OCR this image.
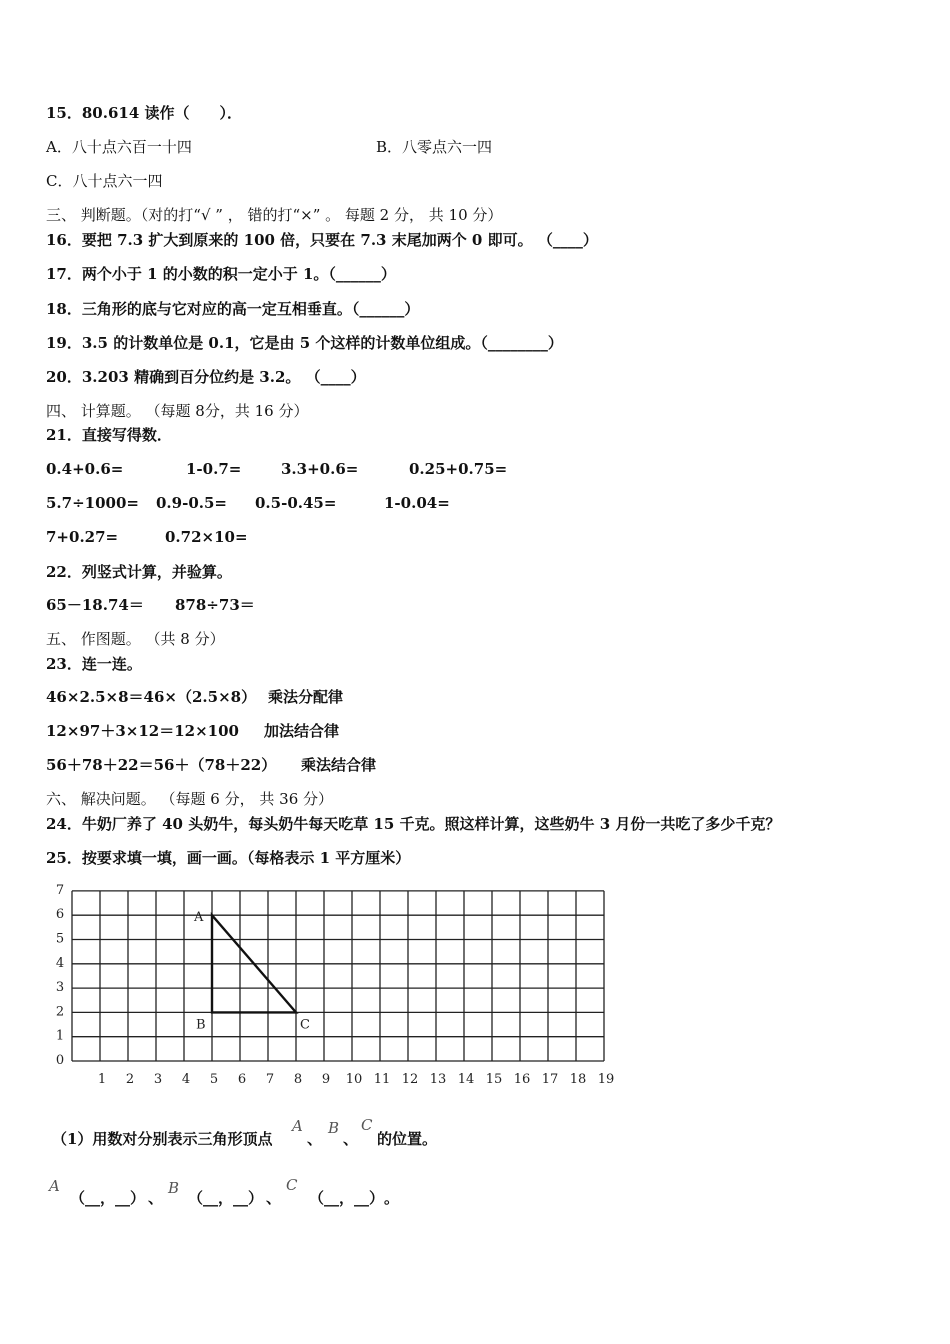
15．80.614 读作（　　）．
A．八十点六百一十四	B．八零点六一四
C．八十点六一四
三、 判断题。（对的打“√ ” ， 错的打“×” 。 每题 2 分， 共 10 分）
16．要把 7.3 扩大到原来的 100 倍，只要在 7.3 末尾加两个 0 即可。 （____）
17．两个小于 1 的小数的积一定小于 1。（______）
18．三角形的底与它对应的高一定互相垂直。（______）
19．3.5 的计数单位是 0.1，它是由 5 个这样的计数单位组成。（________）
20．3.203 精确到百分位约是 3.2。 （____）
四、 计算题。 （每题 8分，共 16 分）
21．直接写得数．
0.4+0.6=	1-0.7=	3.3+0.6=	0.25+0.75=
5.7÷1000= 0.9-0.5= 0.5-0.45=	1-0.04=
7+0.27=	0.72×10=
22．列竖式计算，并验算。
65－18.74＝ 878÷73＝
五、 作图题。 （共 8 分）
23．连一连。
46×2.5×8＝46×（2.5×8） 乘法分配律
12×97＋3×12＝12×100 加法结合律
56＋78＋22＝56＋（78＋22） 乘法结合律
六、 解决问题。 （每题 6 分， 共 36 分）
24．牛奶厂养了 40 头奶牛，每头奶牛每天吃草 15 千克。照这样计算，这些奶牛 3 月份一共吃了多少千克？
25．按要求填一填，画一画。（每格表示 1 平方厘米）
1 2 3 4 5 6 7 8 9 10 11 12 13 14 15 16 17 18 19
0
1
2
3
4
5
6
7
A
B	C
（1）用数对分别表示三角形顶点
A
、
B
、
C
的位置。
A
（__，__） 、
B
（__，__） 、
C
（__，__） 。
